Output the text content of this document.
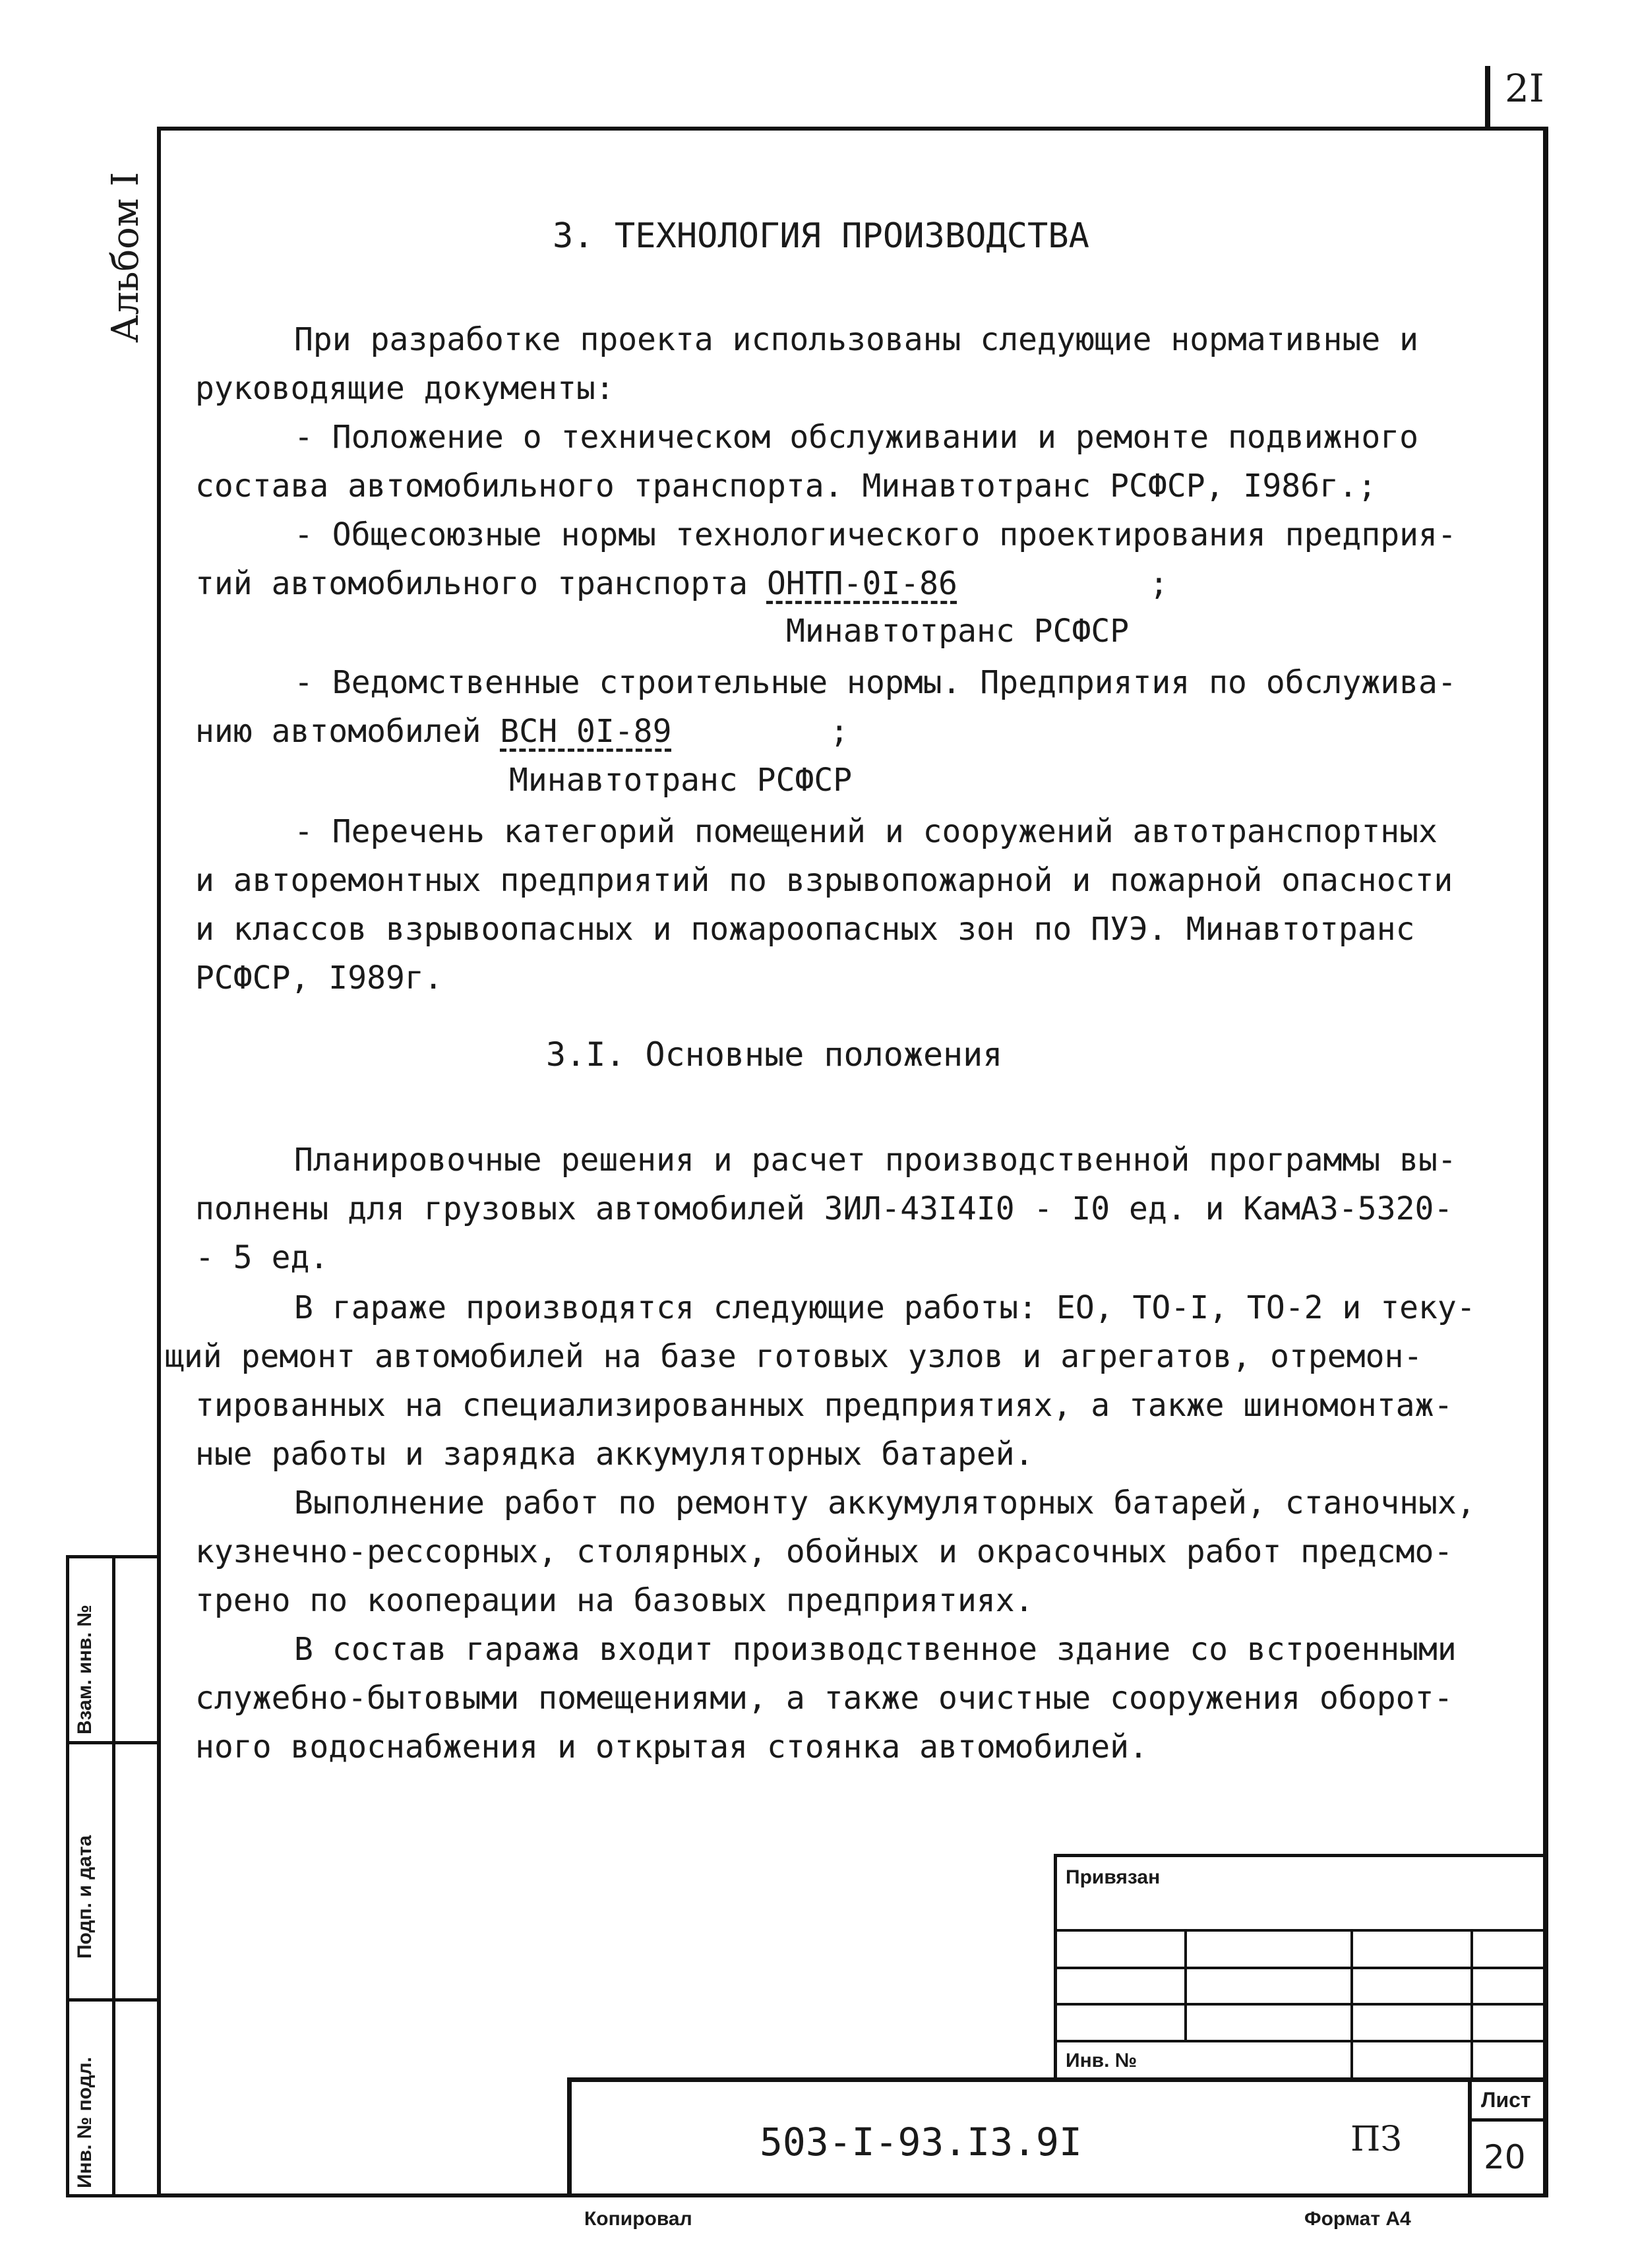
2I
Альбом I	3. ТЕХНОЛОГИЯ ПРОИЗВОДСТВА
При разработке проекта использованы следующие нормативные и
руководящие документы:
- Положение о техническом обслуживании и ремонте подвижного
состава автомобильного транспорта. Минавтотранс РСФСР, I986г.;
- Общесоюзные нормы технологического проектирования предприя-
тий автомобильного транспорта ОНТП-0I-86	;
Минавтотранс РСФСР
- Ведомственные строительные нормы. Предприятия по обслужива-
нию автомобилей ВСН 0I-89	;
Минавтотранс РСФСР
- Перечень категорий помещений и сооружений автотранспортных
и авторемонтных предприятий по взрывопожарной и пожарной опасности
и классов взрывоопасных и пожароопасных зон по ПУЭ. Минавтотранс
РСФСР, I989г.
3.I. Основные положения
Планировочные решения и расчет производственной программы вы-
полнены для грузовых автомобилей ЗИЛ-43I4I0 - I0 ед. и КамАЗ-5320-
- 5 ед.
В гараже производятся следующие работы: ЕО, ТО-I, ТО-2 и теку-
щий ремонт автомобилей на базе готовых узлов и агрегатов, отремон-
тированных на специализированных предприятиях, а также шиномонтаж-
ные работы и зарядка аккумуляторных батарей.
Выполнение работ по ремонту аккумуляторных батарей, станочных,
кузнечно-рессорных, столярных, обойных и окрасочных работ предсмо-
трено по кооперации на базовых предприятиях.
В состав гаража входит производственное здание со встроенными
служебно-бытовыми помещениями, а также очистные сооружения оборот-
ного водоснабжения и открытая стоянка автомобилей.
Взам. инв. №
Подп. и дата
Инв. № подл.
Привязан
Инв. №
503-I-93.I3.9I	ПЗ
Лист
20
Копировал	Формат А4
